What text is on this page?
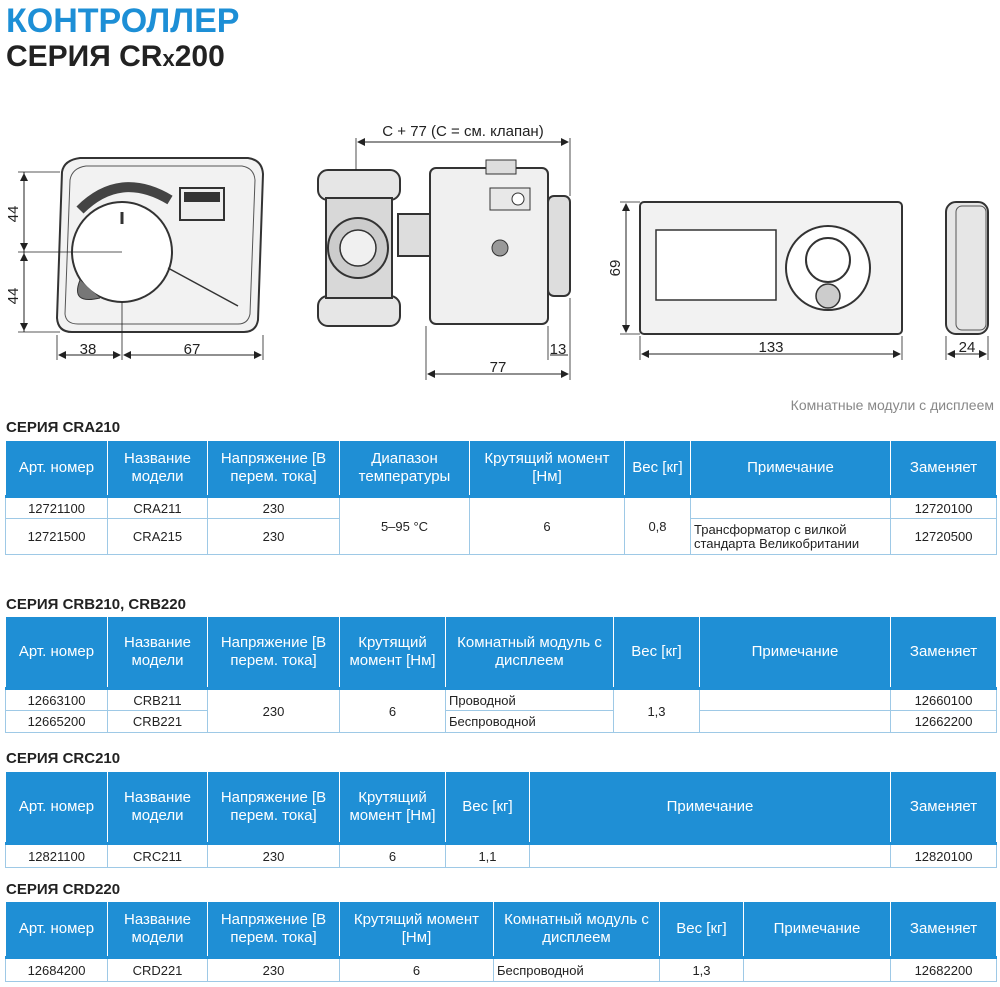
КОНТРОЛЛЕР
СЕРИЯ CRx200
44
44
38	67
C + 77 (C = см. клапан)
77
13
69
133	24
Комнатные модули с дисплеем
СЕРИЯ CRA210
Арт. номер	Название модели	Напряжение [В перем. тока]	Диапазон температуры	Крутящий момент [Нм]	Вес [кг]	Примечание	Заменяет
12721100	CRA211	230	5–95 °C	6	0,8		12720100
12721500	CRA215	230				Трансформатор с вилкой стандарта Великобритании	12720500
СЕРИЯ CRB210, CRB220
Арт. номер	Название модели	Напряжение [В перем. тока]	Крутящий момент [Нм]	Комнатный модуль с дисплеем	Вес [кг]	Примечание	Заменяет
12663100	CRB211	230	6	Проводной	1,3		12660100
12665200	CRB221			Беспроводной			12662200
СЕРИЯ CRC210
Арт. номер	Название модели	Напряжение [В перем. тока]	Крутящий момент [Нм]	Вес [кг]	Примечание	Заменяет
12821100	CRC211	230	6	1,1		12820100
СЕРИЯ CRD220
Арт. номер	Название модели	Напряжение [В перем. тока]	Крутящий момент [Нм]	Комнатный модуль с дисплеем	Вес [кг]	Примечание	Заменяет
12684200	CRD221	230	6	Беспроводной	1,3		12682200
